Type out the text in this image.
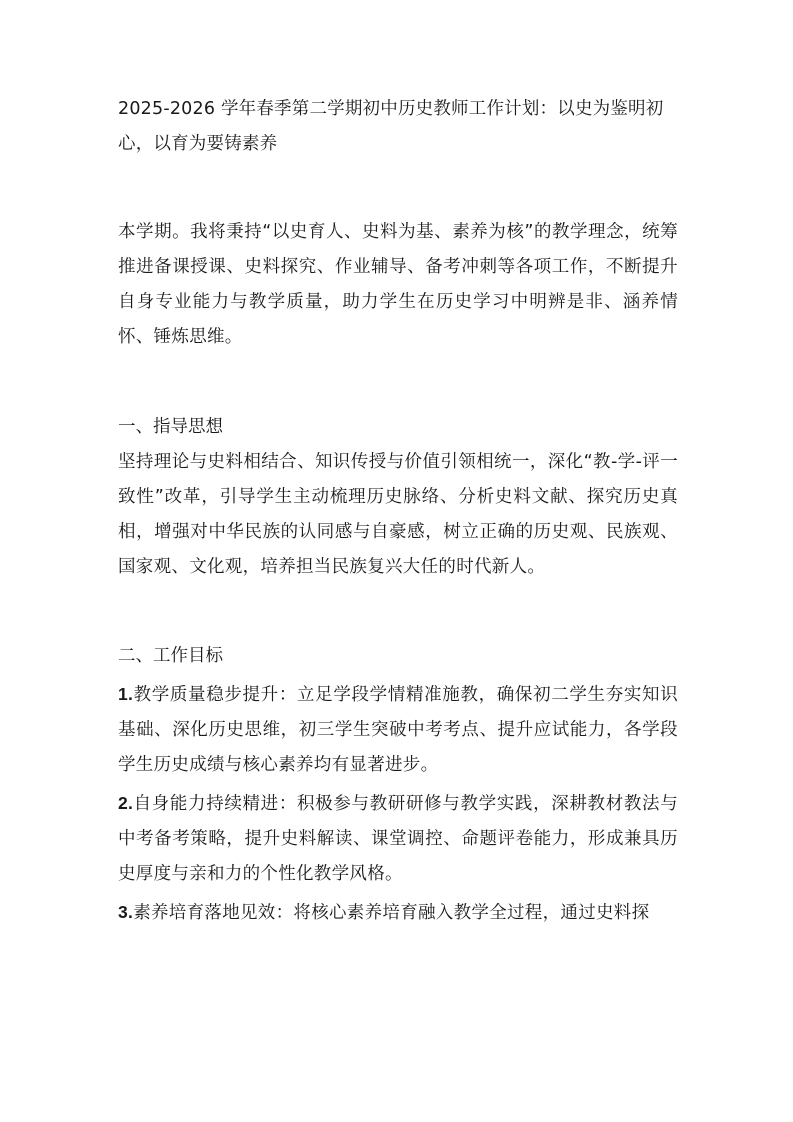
2025-2026 学年春季第二学期初中历史教师工作计划：以史为鉴明初心，以育为要铸素养

本学期。我将秉持“以史育人、史料为基、素养为核”的教学理念，统筹推进备课授课、史料探究、作业辅导、备考冲刺等各项工作，不断提升自身专业能力与教学质量，助力学生在历史学习中明辨是非、涵养情怀、锤炼思维。

一、指导思想

坚持理论与史料相结合、知识传授与价值引领相统一，深化“教-学-评一致性”改革，引导学生主动梳理历史脉络、分析史料文献、探究历史真相，增强对中华民族的认同感与自豪感，树立正确的历史观、民族观、国家观、文化观，培养担当民族复兴大任的时代新人。

二、工作目标

1.教学质量稳步提升：立足学段学情精准施教，确保初二学生夯实知识基础、深化历史思维，初三学生突破中考考点、提升应试能力，各学段学生历史成绩与核心素养均有显著进步。

2.自身能力持续精进：积极参与教研研修与教学实践，深耕教材教法与中考备考策略，提升史料解读、课堂调控、命题评卷能力，形成兼具历史厚度与亲和力的个性化教学风格。

3.素养培育落地见效：将核心素养培育融入教学全过程，通过史料探
